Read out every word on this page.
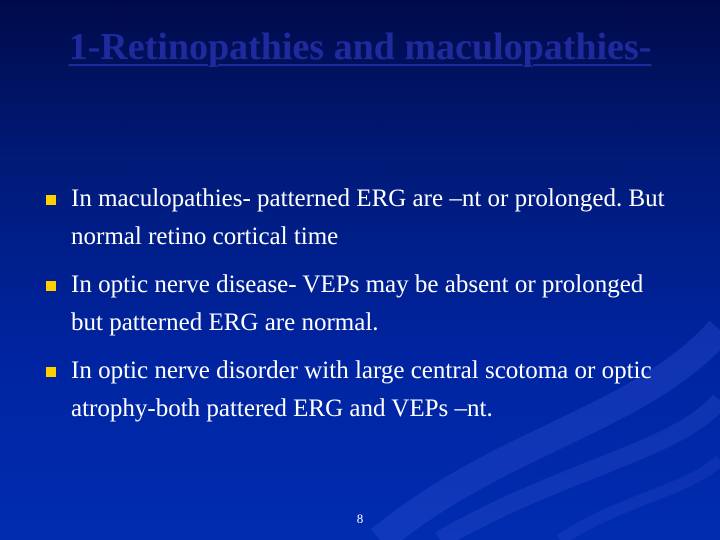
1-Retinopathies and maculopathies-
In maculopathies- patterned ERG are –nt or prolonged. But normal retino cortical time
In optic nerve disease- VEPs may be absent or prolonged but patterned ERG are normal.
In optic nerve disorder with large central scotoma or optic atrophy-both pattered ERG and VEPs –nt.
8
